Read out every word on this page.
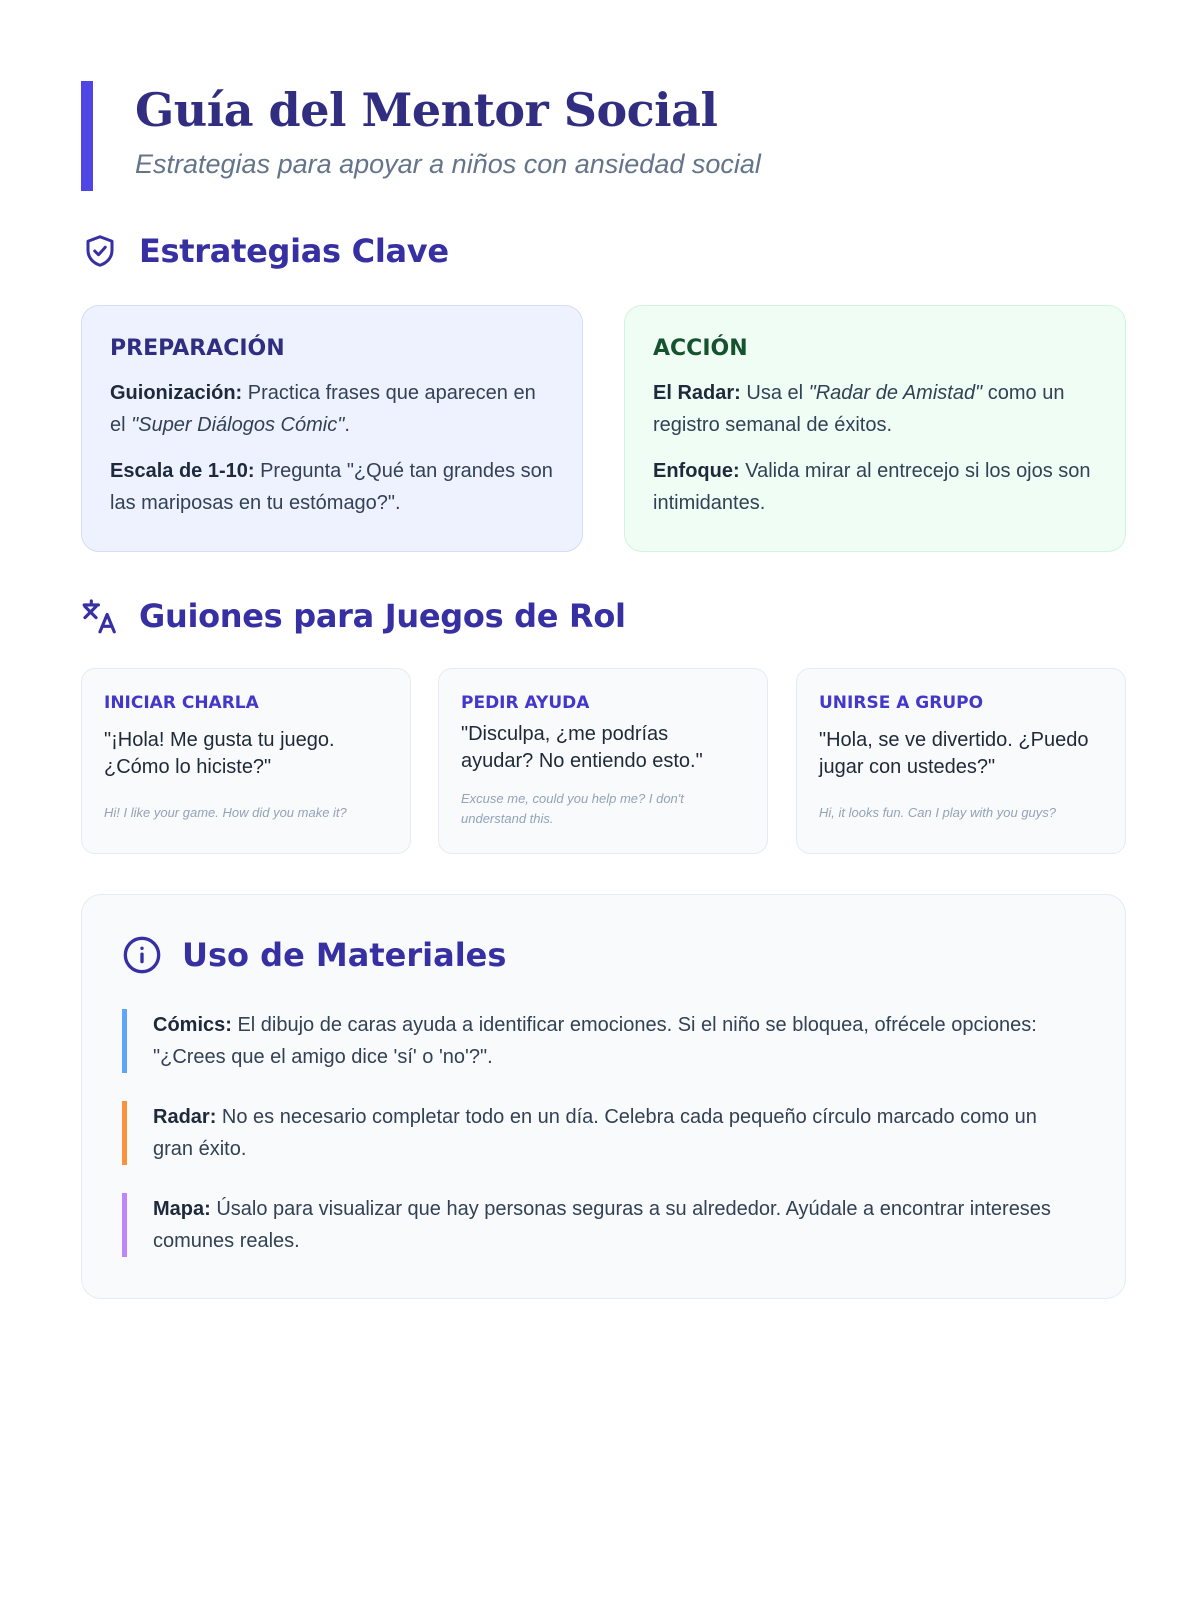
Guía del Mentor Social
Estrategias para apoyar a niños con ansiedad social
Estrategias Clave
PREPARACIÓN

Guionización: Practica frases que aparecen en el "Super Diálogos Cómic".

Escala de 1-10: Pregunta "¿Qué tan grandes son las mariposas en tu estómago?".

ACCIÓN

El Radar: Usa el "Radar de Amistad" como un registro semanal de éxitos.

Enfoque: Valida mirar al entrecejo si los ojos son intimidantes.

Guiones para Juegos de Rol
INICIAR CHARLA
"¡Hola! Me gusta tu juego. ¿Cómo lo hiciste?"
Hi! I like your game. How did you make it?
PEDIR AYUDA
"Disculpa, ¿me podrías ayudar? No entiendo esto."
Excuse me, could you help me? I don't understand this.
UNIRSE A GRUPO
"Hola, se ve divertido. ¿Puedo jugar con ustedes?"
Hi, it looks fun. Can I play with you guys?
Uso de Materiales
Cómics: El dibujo de caras ayuda a identificar emociones. Si el niño se bloquea, ofrécele opciones: "¿Crees que el amigo dice 'sí' o 'no'?".
Radar: No es necesario completar todo en un día. Celebra cada pequeño círculo marcado como un gran éxito.
Mapa: Úsalo para visualizar que hay personas seguras a su alrededor. Ayúdale a encontrar intereses comunes reales.
